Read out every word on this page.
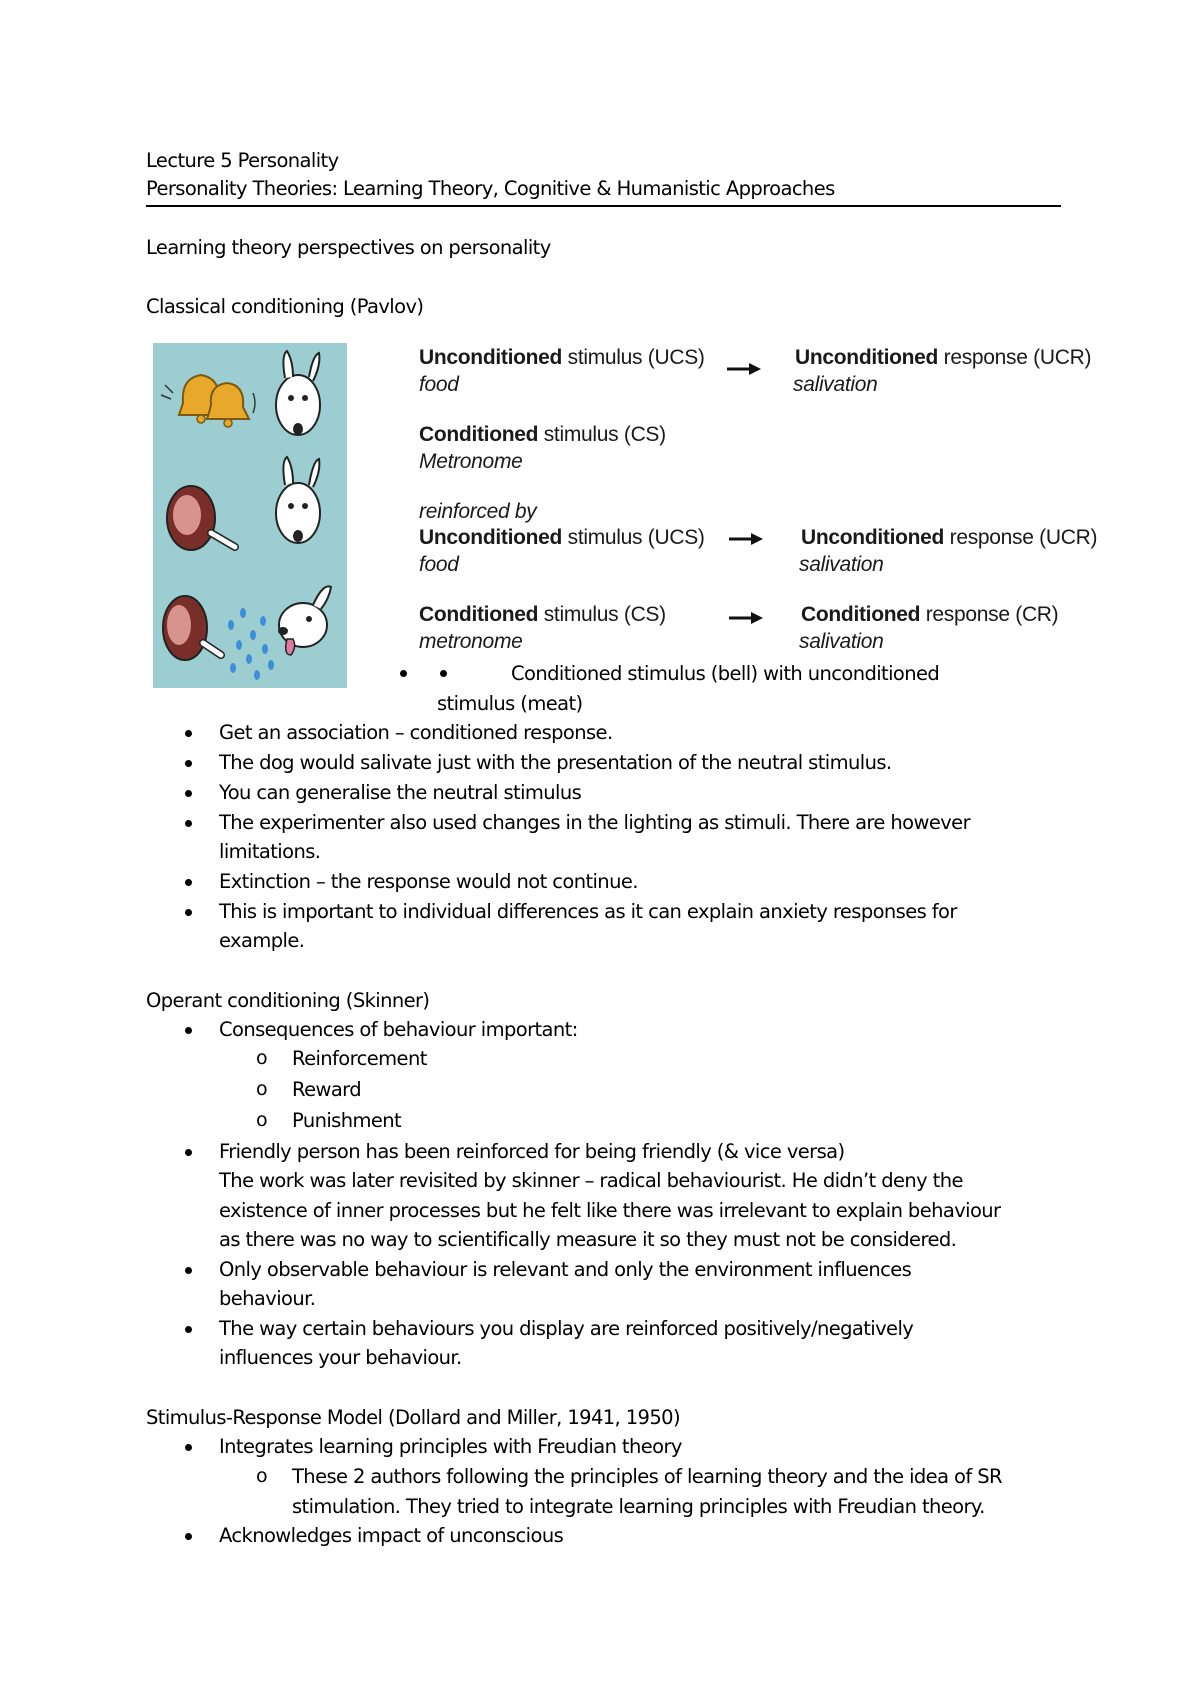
Lecture 5 Personality
Personality Theories: Learning Theory, Cognitive & Humanistic Approaches
Learning theory perspectives on personality
Classical conditioning (Pavlov)
Unconditioned stimulus (UCS)
food
Unconditioned response (UCR)
salivation
Conditioned stimulus (CS)
Metronome
reinforced by
Unconditioned stimulus (UCS)
food
Unconditioned response (UCR)
salivation
Conditioned stimulus (CS)
metronome
Conditioned response (CR)
salivation
Conditioned stimulus (bell) with unconditioned
stimulus (meat)
Get an association – conditioned response.
The dog would salivate just with the presentation of the neutral stimulus.
You can generalise the neutral stimulus
The experimenter also used changes in the lighting as stimuli. There are however
limitations.
Extinction – the response would not continue.
This is important to individual differences as it can explain anxiety responses for
example.
Operant conditioning (Skinner)
Consequences of behaviour important:
o Reinforcement
o Reward
o Punishment
Friendly person has been reinforced for being friendly (& vice versa)
The work was later revisited by skinner – radical behaviourist. He didn’t deny the
existence of inner processes but he felt like there was irrelevant to explain behaviour
as there was no way to scientifically measure it so they must not be considered.
Only observable behaviour is relevant and only the environment influences
behaviour.
The way certain behaviours you display are reinforced positively/negatively
influences your behaviour.
Stimulus-Response Model (Dollard and Miller, 1941, 1950)
Integrates learning principles with Freudian theory
o These 2 authors following the principles of learning theory and the idea of SR
stimulation. They tried to integrate learning principles with Freudian theory.
Acknowledges impact of unconscious
